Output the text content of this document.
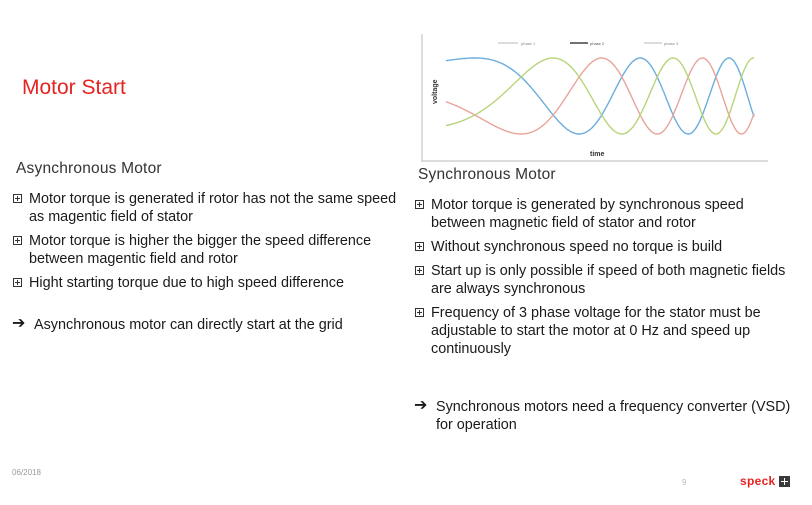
Motor Start
phase 1	phase 2	phase 3
voltage
time
Asynchronous Motor
Motor torque is generated if rotor has not the same speed as magentic field of stator
Motor torque is higher the bigger the speed difference between magentic field and rotor
Hight starting torque due to high speed difference
➔ Asynchronous motor can directly start at the grid
Synchronous Motor
Motor torque is generated by synchronous speed between magnetic field of stator and rotor
Without synchronous speed no torque is build
Start up is only possible if speed of both magnetic fields are always synchronous
Frequency of 3 phase voltage for the stator must be adjustable to start the motor at 0 Hz and speed up continuously
➔ Synchronous motors need a frequency converter (VSD) for operation
06/2018
9	speck
